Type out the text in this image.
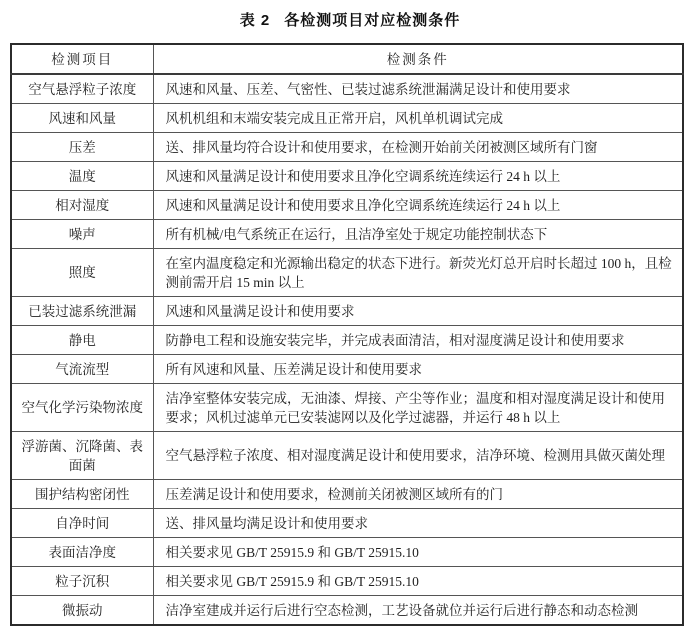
表 2 各检测项目对应检测条件
检测项目	检测条件
空气悬浮粒子浓度	风速和风量、压差、气密性、已装过滤系统泄漏满足设计和使用要求
风速和风量	风机机组和末端安装完成且正常开启，风机单机调试完成
压差	送、排风量均符合设计和使用要求，在检测开始前关闭被测区域所有门窗
温度	风速和风量满足设计和使用要求且净化空调系统连续运行 24 h 以上
相对湿度	风速和风量满足设计和使用要求且净化空调系统连续运行 24 h 以上
噪声	所有机械/电气系统正在运行，且洁净室处于规定功能控制状态下
照度	在室内温度稳定和光源输出稳定的状态下进行。新荧光灯总开启时长超过 100 h，且检测前需开启 15 min 以上
已装过滤系统泄漏	风速和风量满足设计和使用要求
静电	防静电工程和设施安装完毕，并完成表面清洁，相对湿度满足设计和使用要求
气流流型	所有风速和风量、压差满足设计和使用要求
空气化学污染物浓度	洁净室整体安装完成，无油漆、焊接、产尘等作业；温度和相对湿度满足设计和使用要求；风机过滤单元已安装滤网以及化学过滤器，并运行 48 h 以上
浮游菌、沉降菌、表面菌	空气悬浮粒子浓度、相对湿度满足设计和使用要求，洁净环境、检测用具做灭菌处理
围护结构密闭性	压差满足设计和使用要求，检测前关闭被测区域所有的门
自净时间	送、排风量均满足设计和使用要求
表面洁净度	相关要求见 GB/T 25915.9 和 GB/T 25915.10
粒子沉积	相关要求见 GB/T 25915.9 和 GB/T 25915.10
微振动	洁净室建成并运行后进行空态检测，工艺设备就位并运行后进行静态和动态检测
